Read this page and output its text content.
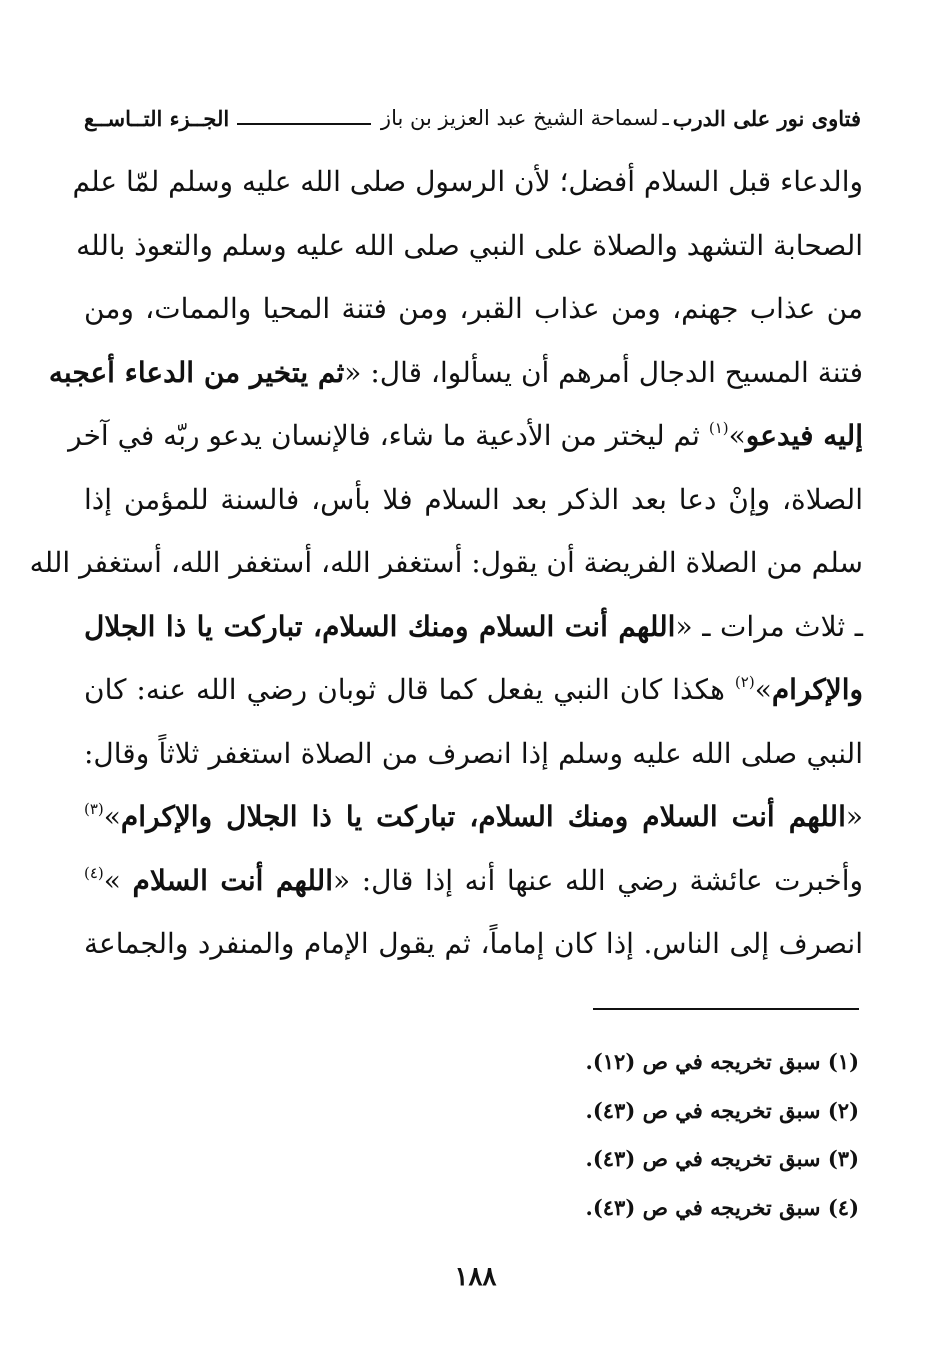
فتاوى نور على الدرب
ـ
لسماحة الشيخ عبد العزيز بن باز
الجــزء التــاســع
والدعاء قبل السلام أفضل؛ لأن الرسول صلى الله عليه وسلم لمّا علم
الصحابة التشهد والصلاة على النبي صلى الله عليه وسلم والتعوذ بالله
من عذاب جهنم، ومن عذاب القبر، ومن فتنة المحيا والممات، ومن
فتنة المسيح الدجال أمرهم أن يسألوا، قال: «ثم يتخير من الدعاء أعجبه
إليه فيدعو»$^{(١)}$ ثم ليختر من الأدعية ما شاء، فالإنسان يدعو ربّه في آخر
الصلاة، وإنْ دعا بعد الذكر بعد السلام فلا بأس، فالسنة للمؤمن إذا
سلم من الصلاة الفريضة أن يقول: أستغفر الله، أستغفر الله، أستغفر الله
ـ ثلاث مرات ـ «اللهم أنت السلام ومنك السلام، تباركت يا ذا الجلال
والإكرام»$^{(٢)}$ هكذا كان النبي يفعل كما قال ثوبان رضي الله عنه: كان
النبي صلى الله عليه وسلم إذا انصرف من الصلاة استغفر ثلاثاً وقال:
«اللهم أنت السلام ومنك السلام، تباركت يا ذا الجلال والإكرام»$^{(٣)}$
وأخبرت عائشة رضي الله عنها أنه إذا قال: «اللهم أنت السلام »$^{(٤)}$
انصرف إلى الناس. إذا كان إماماً، ثم يقول الإمام والمنفرد والجماعة
(١) سبق تخريجه في ص (١٢).
(٢) سبق تخريجه في ص (٤٣).
(٣) سبق تخريجه في ص (٤٣).
(٤) سبق تخريجه في ص (٤٣).
١٨٨
